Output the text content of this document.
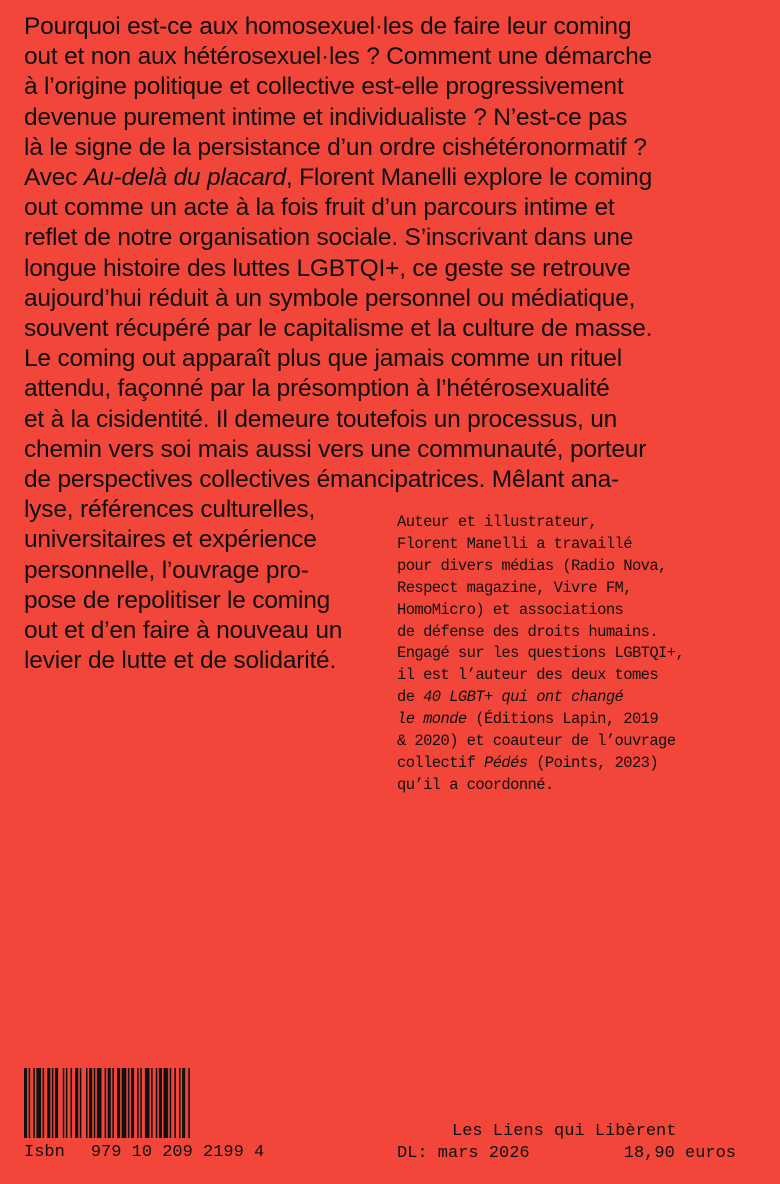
Pourquoi est-ce aux homosexuel·les de faire leur coming
out et non aux hétérosexuel·les ? Comment une démarche
à l’origine politique et collective est-elle progressivement
devenue purement intime et individualiste ? N’est-ce pas
là le signe de la persistance d’un ordre cishétéronormatif ?
Avec Au-delà du placard, Florent Manelli explore le coming
out comme un acte à la fois fruit d’un parcours intime et
reflet de notre organisation sociale. S’inscrivant dans une
longue histoire des luttes LGBTQI+, ce geste se retrouve
aujourd’hui réduit à un symbole personnel ou médiatique,
souvent récupéré par le capitalisme et la culture de masse.
Le coming out apparaît plus que jamais comme un rituel
attendu, façonné par la présomption à l’hétérosexualité
et à la cisidentité. Il demeure toutefois un processus, un
chemin vers soi mais aussi vers une communauté, porteur
de perspectives collectives émancipatrices. Mêlant ana-
lyse, références culturelles,
universitaires et expérience
personnelle, l’ouvrage pro-
pose de repolitiser le coming
out et d’en faire à nouveau un
levier de lutte et de solidarité.
Auteur et illustrateur,
Florent Manelli a travaillé
pour divers médias (Radio Nova,
Respect magazine, Vivre FM,
HomoMicro) et associations
de défense des droits humains.
Engagé sur les questions LGBTQI+,
il est l’auteur des deux tomes
de 40 LGBT+ qui ont changé
le monde (Éditions Lapin, 2019
& 2020) et coauteur de l’ouvrage
collectif Pédés (Points, 2023)
qu’il a coordonné.
Isbn 979 10 209 2199 4
Les Liens qui Libèrent
DL: mars 2026	18,90 euros
